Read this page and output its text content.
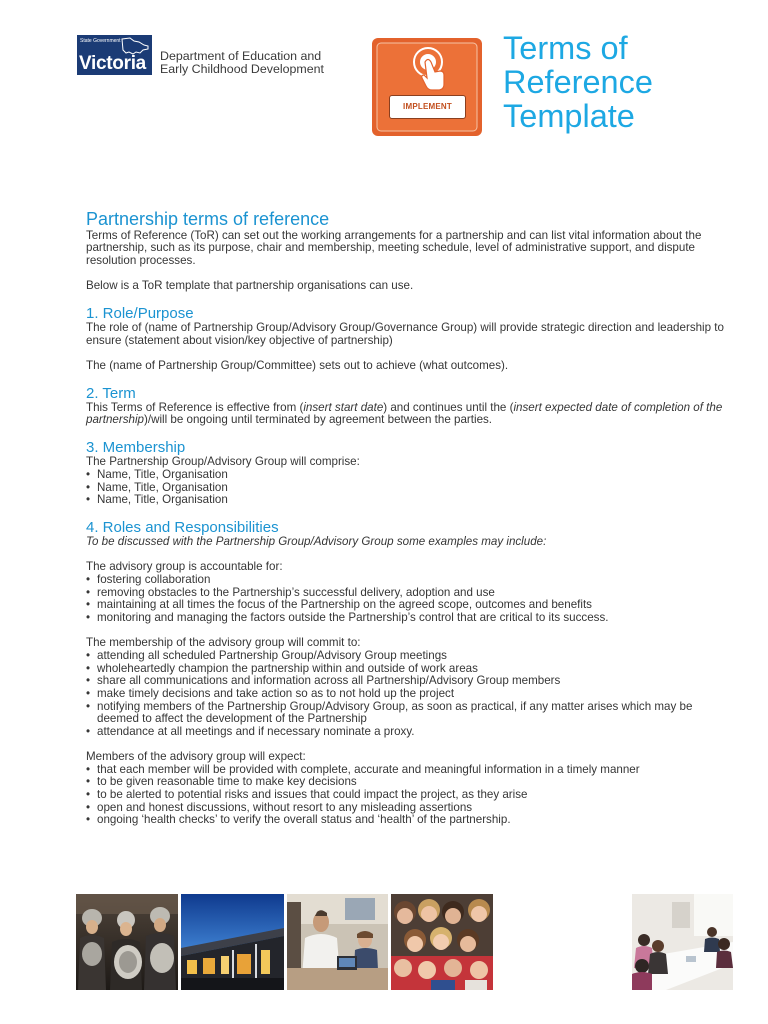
State Government
Victoria Department of Education and
Early Childhood Development
IMPLEMENT
Terms of
Reference
Template
Partnership terms of reference

Terms of Reference (ToR) can set out the working arrangements for a partnership and can list vital information about the
partnership, such as its purpose, chair and membership, meeting schedule, level of administrative support, and dispute
resolution processes.

Below is a ToR template that partnership organisations can use.

1. Role/Purpose

The role of (name of Partnership Group/Advisory Group/Governance Group) will provide strategic direction and leadership to
ensure (statement about vision/key objective of partnership)

The (name of Partnership Group/Committee) sets out to achieve (what outcomes).

2. Term

This Terms of Reference is effective from (insert start date) and continues until the (insert expected date of completion of the
partnership)/will be ongoing until terminated by agreement between the parties.

3. Membership

The Partnership Group/Advisory Group will comprise:

• Name, Title, Organisation
• Name, Title, Organisation
• Name, Title, Organisation
4. Roles and Responsibilities

To be discussed with the Partnership Group/Advisory Group some examples may include:

The advisory group is accountable for:

• fostering collaboration
• removing obstacles to the Partnership’s successful delivery, adoption and use
• maintaining at all times the focus of the Partnership on the agreed scope, outcomes and benefits
• monitoring and managing the factors outside the Partnership’s control that are critical to its success.

The membership of the advisory group will commit to:

• attending all scheduled Partnership Group/Advisory Group meetings
• wholeheartedly champion the partnership within and outside of work areas
• share all communications and information across all Partnership/Advisory Group members
• make timely decisions and take action so as to not hold up the project
• notifying members of the Partnership Group/Advisory Group, as soon as practical, if any matter arises which may be
deemed to affect the development of the Partnership
• attendance at all meetings and if necessary nominate a proxy.

Members of the advisory group will expect:

• that each member will be provided with complete, accurate and meaningful information in a timely manner
• to be given reasonable time to make key decisions
• to be alerted to potential risks and issues that could impact the project, as they arise
• open and honest discussions, without resort to any misleading assertions
• ongoing ‘health checks’ to verify the overall status and ‘health’ of the partnership.
